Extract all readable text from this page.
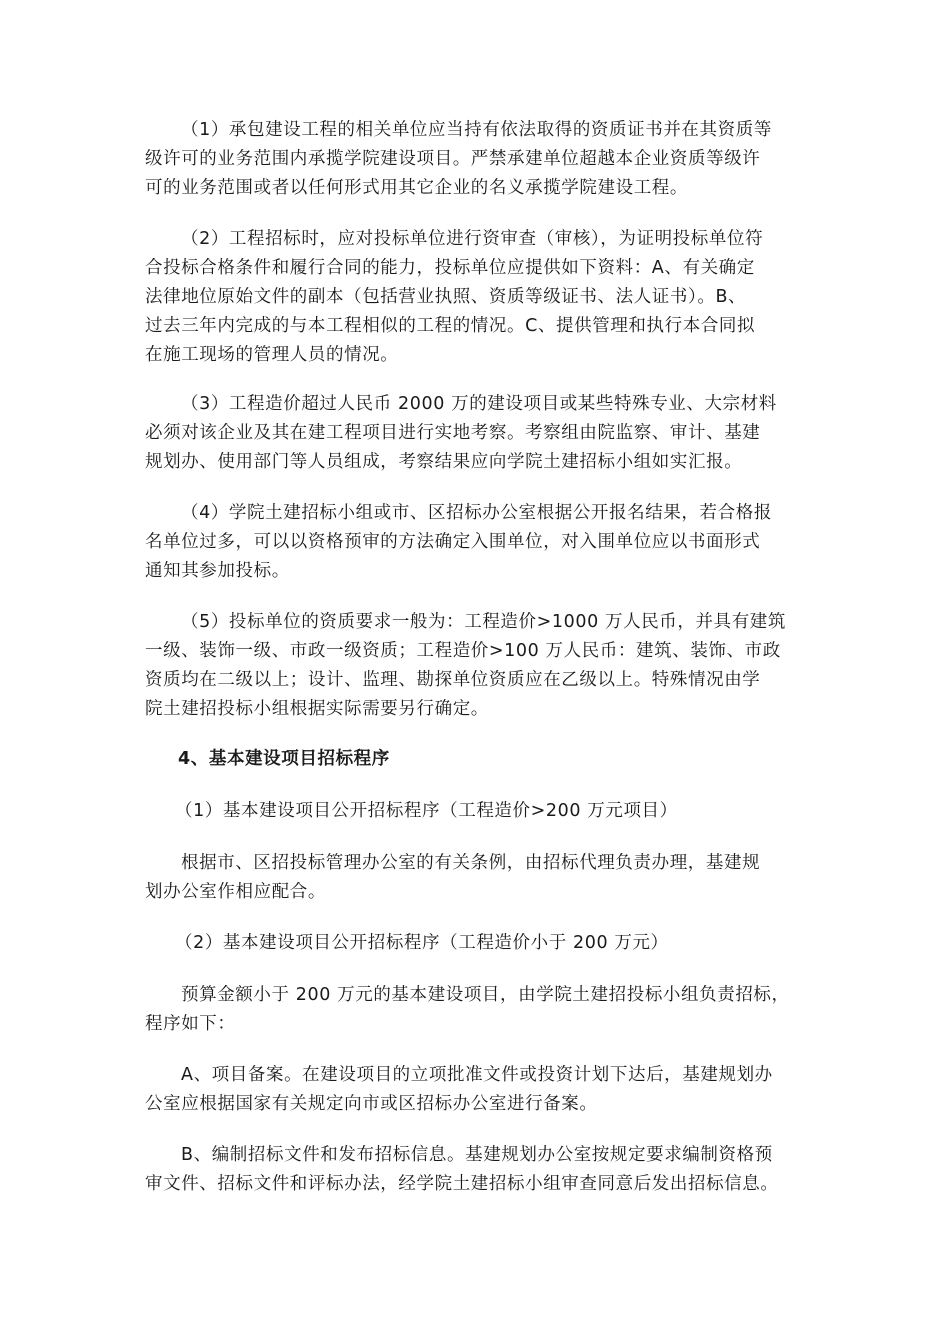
（1）承包建设工程的相关单位应当持有依法取得的资质证书并在其资质等
级许可的业务范围内承揽学院建设项目。严禁承建单位超越本企业资质等级许
可的业务范围或者以任何形式用其它企业的名义承揽学院建设工程。
（2）工程招标时，应对投标单位进行资审查（审核），为证明投标单位符
合投标合格条件和履行合同的能力，投标单位应提供如下资料：A、有关确定
法律地位原始文件的副本（包括营业执照、资质等级证书、法人证书）。B、
过去三年内完成的与本工程相似的工程的情况。C、提供管理和执行本合同拟
在施工现场的管理人员的情况。
（3）工程造价超过人民币 2000 万的建设项目或某些特殊专业、大宗材料
必须对该企业及其在建工程项目进行实地考察。考察组由院监察、审计、基建
规划办、使用部门等人员组成，考察结果应向学院土建招标小组如实汇报。
（4）学院土建招标小组或市、区招标办公室根据公开报名结果，若合格报
名单位过多，可以以资格预审的方法确定入围单位，对入围单位应以书面形式
通知其参加投标。
（5）投标单位的资质要求一般为：工程造价>1000 万人民币，并具有建筑
一级、装饰一级、市政一级资质；工程造价>100 万人民币：建筑、装饰、市政
资质均在二级以上；设计、监理、勘探单位资质应在乙级以上。特殊情况由学
院土建招投标小组根据实际需要另行确定。
4、基本建设项目招标程序
（1）基本建设项目公开招标程序（工程造价>200 万元项目）
根据市、区招投标管理办公室的有关条例，由招标代理负责办理，基建规
划办公室作相应配合。
（2）基本建设项目公开招标程序（工程造价小于 200 万元）
预算金额小于 200 万元的基本建设项目，由学院土建招投标小组负责招标，
程序如下：
A、项目备案。在建设项目的立项批准文件或投资计划下达后，基建规划办
公室应根据国家有关规定向市或区招标办公室进行备案。
B、编制招标文件和发布招标信息。基建规划办公室按规定要求编制资格预
审文件、招标文件和评标办法，经学院土建招标小组审查同意后发出招标信息。
